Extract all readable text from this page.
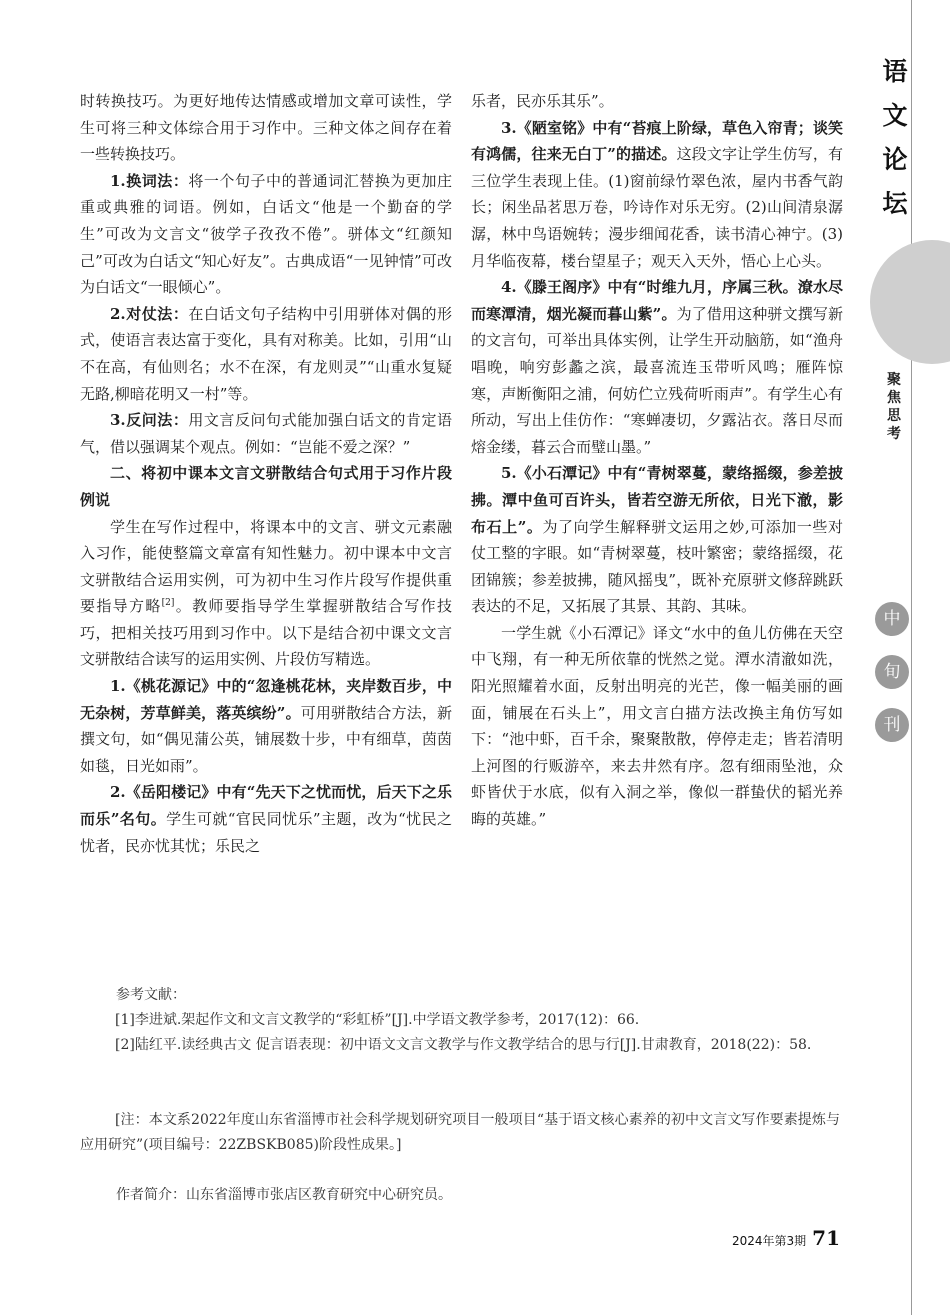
语
文
论
坛
聚
焦
思
考
中
旬
刊

时转换技巧。为更好地传达情感或增加文章可读性，学生可将三种文体综合用于习作中。三种文体之间存在着一些转换技巧。

1.换词法：将一个句子中的普通词汇替换为更加庄重或典雅的词语。例如，白话文“他是一个勤奋的学生”可改为文言文“彼学子孜孜不倦”。骈体文“红颜知己”可改为白话文“知心好友”。古典成语“一见钟情”可改为白话文“一眼倾心”。

2.对仗法：在白话文句子结构中引用骈体对偶的形式，使语言表达富于变化，具有对称美。比如，引用“山不在高，有仙则名；水不在深，有龙则灵”“山重水复疑无路,柳暗花明又一村”等。

3.反问法：用文言反问句式能加强白话文的肯定语气，借以强调某个观点。例如：“岂能不爱之深？”

二、将初中课本文言文骈散结合句式用于习作片段例说

学生在写作过程中，将课本中的文言、骈文元素融入习作，能使整篇文章富有知性魅力。初中课本中文言文骈散结合运用实例，可为初中生习作片段写作提供重要指导方略[2]。教师要指导学生掌握骈散结合写作技巧，把相关技巧用到习作中。以下是结合初中课文文言文骈散结合读写的运用实例、片段仿写精选。

1.《桃花源记》中的“忽逢桃花林，夹岸数百步，中无杂树，芳草鲜美，落英缤纷”。可用骈散结合方法，新撰文句，如“偶见蒲公英，铺展数十步，中有细草，茵茵如毯，日光如雨”。

2.《岳阳楼记》中有“先天下之忧而忧，后天下之乐而乐”名句。学生可就“官民同忧乐”主题，改为“忧民之忧者，民亦忧其忧；乐民之

乐者，民亦乐其乐”。

3.《陋室铭》中有“苔痕上阶绿，草色入帘青；谈笑有鸿儒，往来无白丁”的描述。这段文字让学生仿写，有三位学生表现上佳。(1)窗前绿竹翠色浓，屋内书香气韵长；闲坐品茗思万卷，吟诗作对乐无穷。(2)山间清泉潺潺，林中鸟语婉转；漫步细闻花香，读书清心神宁。(3)月华临夜幕，楼台望星子；观天入天外，悟心上心头。

4.《滕王阁序》中有“时维九月，序属三秋。潦水尽而寒潭清，烟光凝而暮山紫”。为了借用这种骈文撰写新的文言句，可举出具体实例，让学生开动脑筋，如“渔舟唱晚，响穷彭蠡之滨，最喜流连玉带听风鸣；雁阵惊寒，声断衡阳之浦，何妨伫立残荷听雨声”。有学生心有所动，写出上佳仿作：“寒蝉凄切，夕露沾衣。落日尽而熔金缕，暮云合而璧山墨。”

5.《小石潭记》中有“青树翠蔓，蒙络摇缀，参差披拂。潭中鱼可百许头，皆若空游无所依，日光下澈，影布石上”。为了向学生解释骈文运用之妙,可添加一些对仗工整的字眼。如“青树翠蔓，枝叶繁密；蒙络摇缀，花团锦簇；参差披拂，随风摇曳”，既补充原骈文修辞跳跃表达的不足，又拓展了其景、其韵、其味。

一学生就《小石潭记》译文“水中的鱼儿仿佛在天空中飞翔，有一种无所依靠的恍然之觉。潭水清澈如洗，阳光照耀着水面，反射出明亮的光芒，像一幅美丽的画面，铺展在石头上”，用文言白描方法改换主角仿写如下：“池中虾，百千余，聚聚散散，停停走走；皆若清明上河图的行贩游卒，来去井然有序。忽有细雨坠池，众虾皆伏于水底，似有入洞之举，像似一群蛰伏的韬光养晦的英雄。”

参考文献：

[1]李进斌.架起作文和文言文教学的“彩虹桥”[J].中学语文教学参考，2017(12)：66.

[2]陆红平.读经典古文 促言语表现：初中语文文言文教学与作文教学结合的思与行[J].甘肃教育，2018(22)：58.

[注：本文系2022年度山东省淄博市社会科学规划研究项目一般项目“基于语文核心素养的初中文言文写作要素提炼与应用研究”(项目编号：22ZBSKB085)阶段性成果。]
作者简介：山东省淄博市张店区教育研究中心研究员。
2024年第3期 71
